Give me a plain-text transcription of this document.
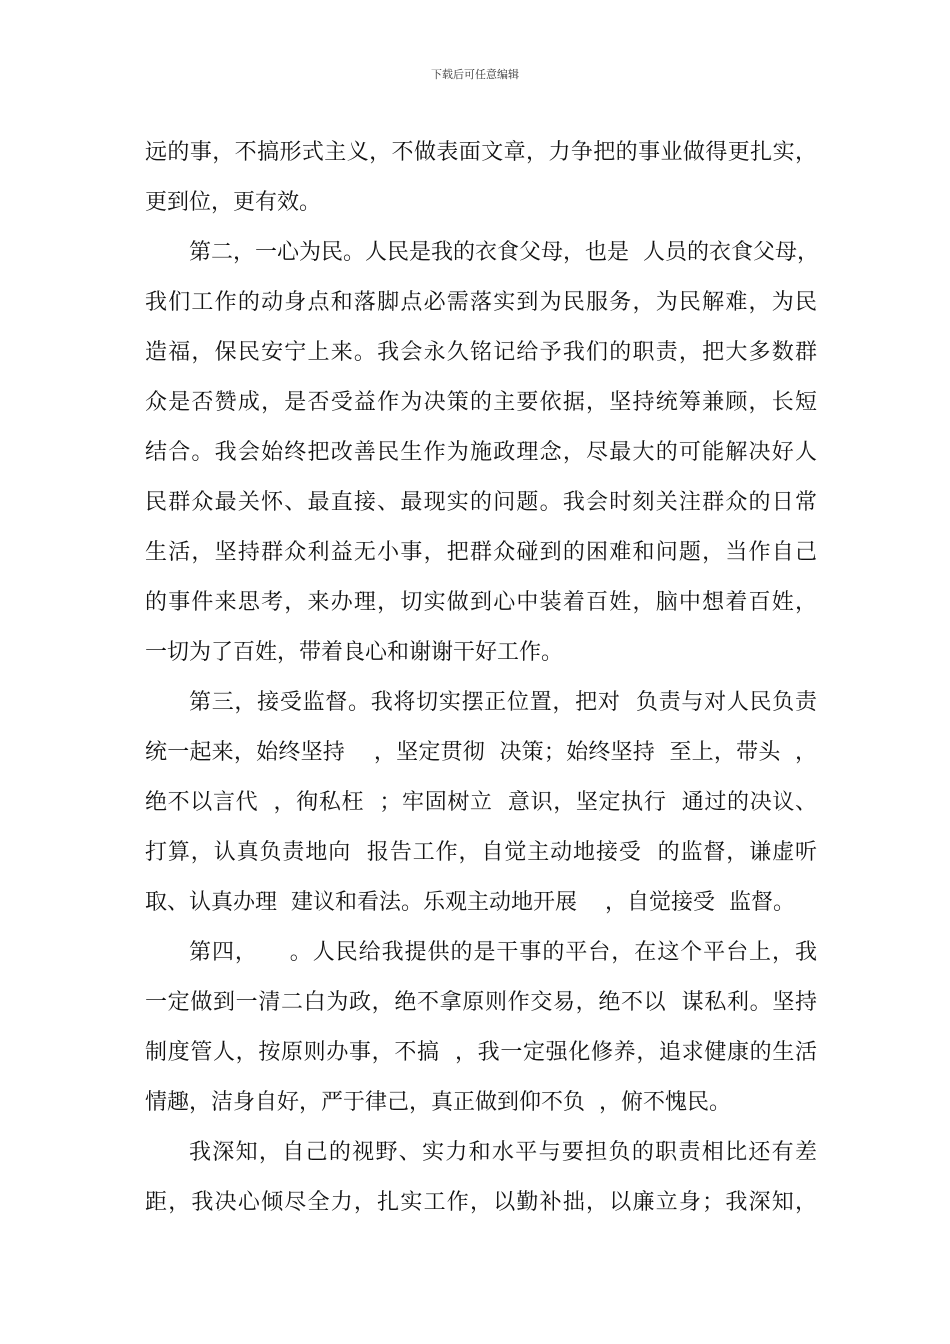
下载后可任意编辑
远的事，不搞形式主义，不做表面文章，力争把的事业做得更扎实，
更到位，更有效。
第二，一心为民。人民是我的衣食父母，也是  人员的衣食父母，
我们工作的动身点和落脚点必需落实到为民服务，为民解难，为民
造福，保民安宁上来。我会永久铭记给予我们的职责，把大多数群
众是否赞成，是否受益作为决策的主要依据，坚持统筹兼顾，长短
结合。我会始终把改善民生作为施政理念，尽最大的可能解决好人
民群众最关怀、最直接、最现实的问题。我会时刻关注群众的日常
生活，坚持群众利益无小事，把群众碰到的困难和问题，当作自己
的事件来思考，来办理，切实做到心中装着百姓，脑中想着百姓，
一切为了百姓，带着良心和谢谢干好工作。
第三，接受监督。我将切实摆正位置，把对  负责与对人民负责
统一起来，始终坚持    ，坚定贯彻  决策；始终坚持  至上，带头  ，
绝不以言代  ，徇私枉  ；牢固树立  意识，坚定执行  通过的决议、
打算，认真负责地向  报告工作，自觉主动地接受  的监督，谦虚听
取、认真办理  建议和看法。乐观主动地开展    ，自觉接受  监督。
第四，    。人民给我提供的是干事的平台，在这个平台上，我
一定做到一清二白为政，绝不拿原则作交易，绝不以  谋私利。坚持
制度管人，按原则办事，不搞  ，我一定强化修养，追求健康的生活
情趣，洁身自好，严于律己，真正做到仰不负  ，俯不愧民。
我深知，自己的视野、实力和水平与要担负的职责相比还有差
距，我决心倾尽全力，扎实工作，以勤补拙，以廉立身；我深知，
